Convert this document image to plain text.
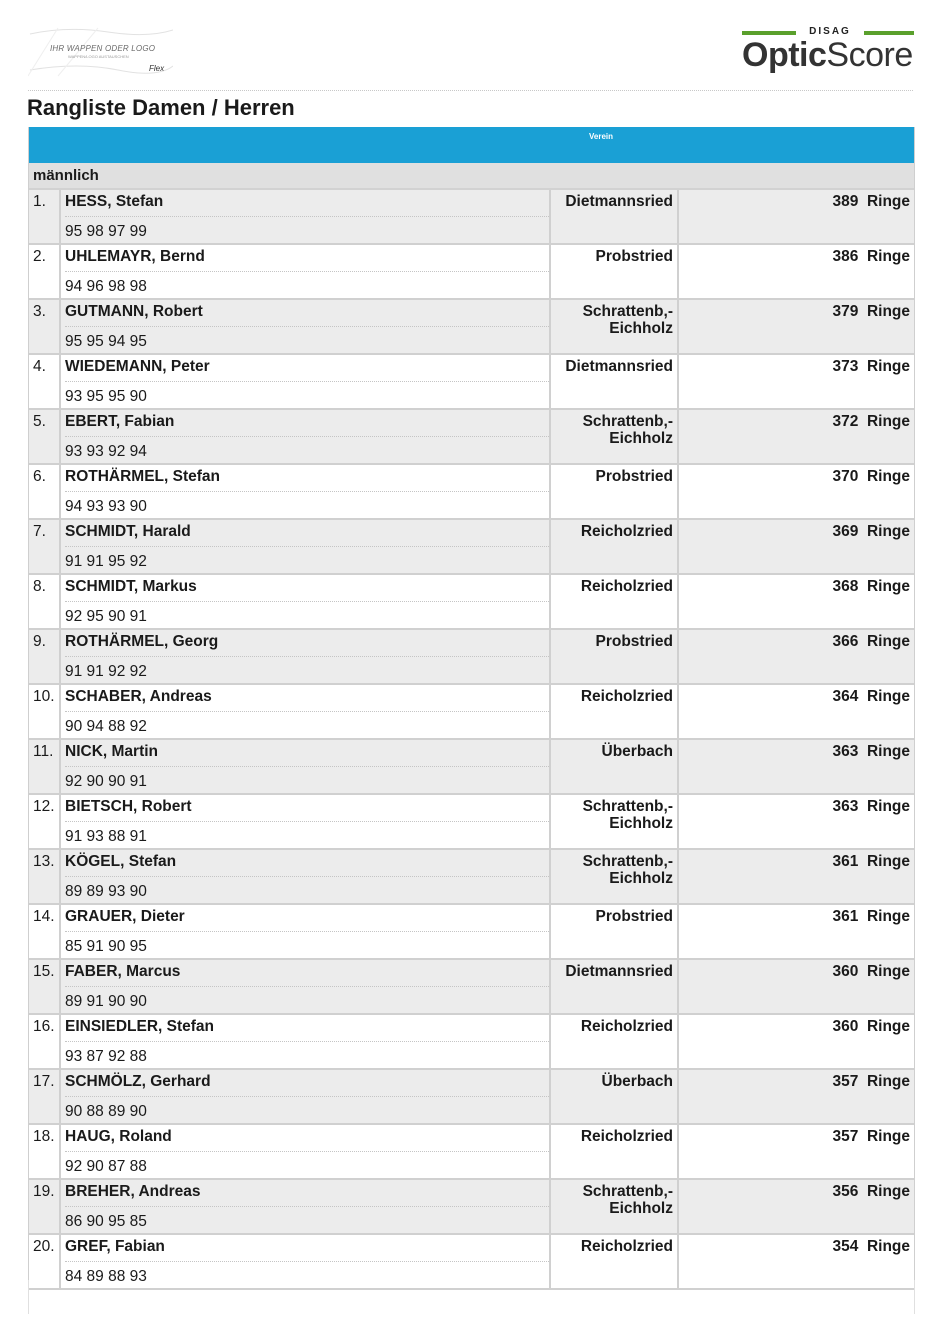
IHR WAPPEN ODER LOGO
WAPPEN/LOGO AUSTAUSCHEN
Flex
DISAG
OpticScore
Rangliste Damen / Herren
Verein
männlich
1.	HESS, Stefan
95 98 97 99
Dietmannsried	389  Ringe
2.	UHLEMAYR, Bernd
94 96 98 98
Probstried	386  Ringe
3.	GUTMANN, Robert
95 95 94 95
Schrattenb,-
Eichholz
379  Ringe
4.	WIEDEMANN, Peter
93 95 95 90
Dietmannsried	373  Ringe
5.	EBERT, Fabian
93 93 92 94
Schrattenb,-
Eichholz
372  Ringe
6.	ROTHÄRMEL, Stefan
94 93 93 90
Probstried	370  Ringe
7.	SCHMIDT, Harald
91 91 95 92
Reicholzried	369  Ringe
8.	SCHMIDT, Markus
92 95 90 91
Reicholzried	368  Ringe
9.	ROTHÄRMEL, Georg
91 91 92 92
Probstried	366  Ringe
10. SCHABER, Andreas
90 94 88 92
Reicholzried	364  Ringe
11. NICK, Martin
92 90 90 91
Überbach	363  Ringe
12. BIETSCH, Robert
91 93 88 91
Schrattenb,-
Eichholz
363  Ringe
13. KÖGEL, Stefan
89 89 93 90
Schrattenb,-
Eichholz
361  Ringe
14. GRAUER, Dieter
85 91 90 95
Probstried	361  Ringe
15. FABER, Marcus
89 91 90 90
Dietmannsried	360  Ringe
16. EINSIEDLER, Stefan
93 87 92 88
Reicholzried	360  Ringe
17. SCHMÖLZ, Gerhard
90 88 89 90
Überbach	357  Ringe
18. HAUG, Roland
92 90 87 88
Reicholzried	357  Ringe
19. BREHER, Andreas
86 90 95 85
Schrattenb,-
Eichholz
356  Ringe
20. GREF, Fabian
84 89 88 93
Reicholzried	354  Ringe
